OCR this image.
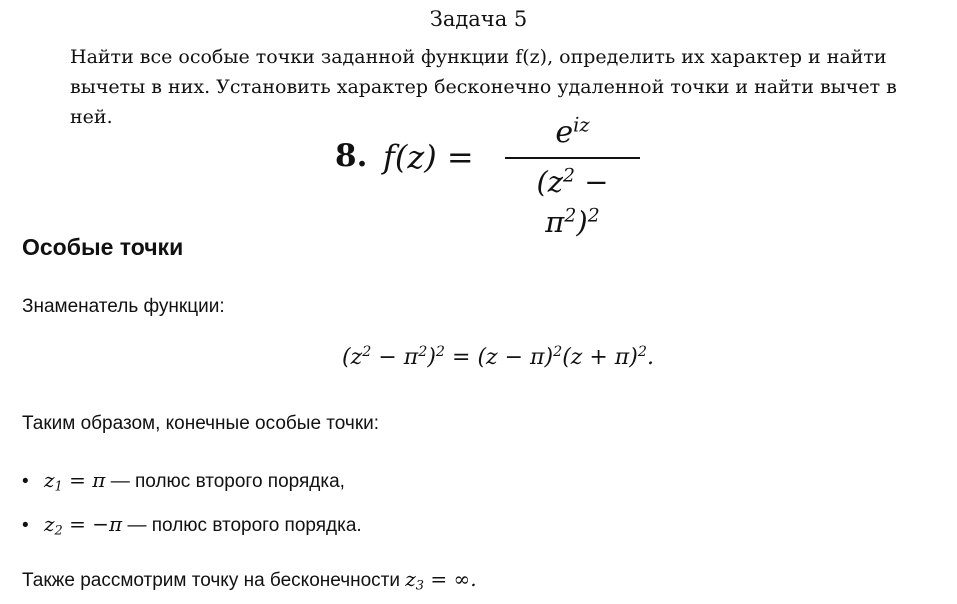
Задача 5
Найти все особые точки заданной функции f(z), определить их характер и найти вычеты в них. Установить характер бесконечно удаленной точки и найти вычет в ней.
8. f(z) =
$e^{iz}$
$(z^2 - \pi^2)^2$
Особые точки
Знаменатель функции:
$(z^2 - \pi^2)^2 = (z - \pi)^2(z + \pi)^2$.
Таким образом, конечные особые точки:
• $z_1 = \pi$ — полюс второго порядка,
• $z_2 = -\pi$ — полюс второго порядка.
Также рассмотрим точку на бесконечности $z_3$ = ∞.
